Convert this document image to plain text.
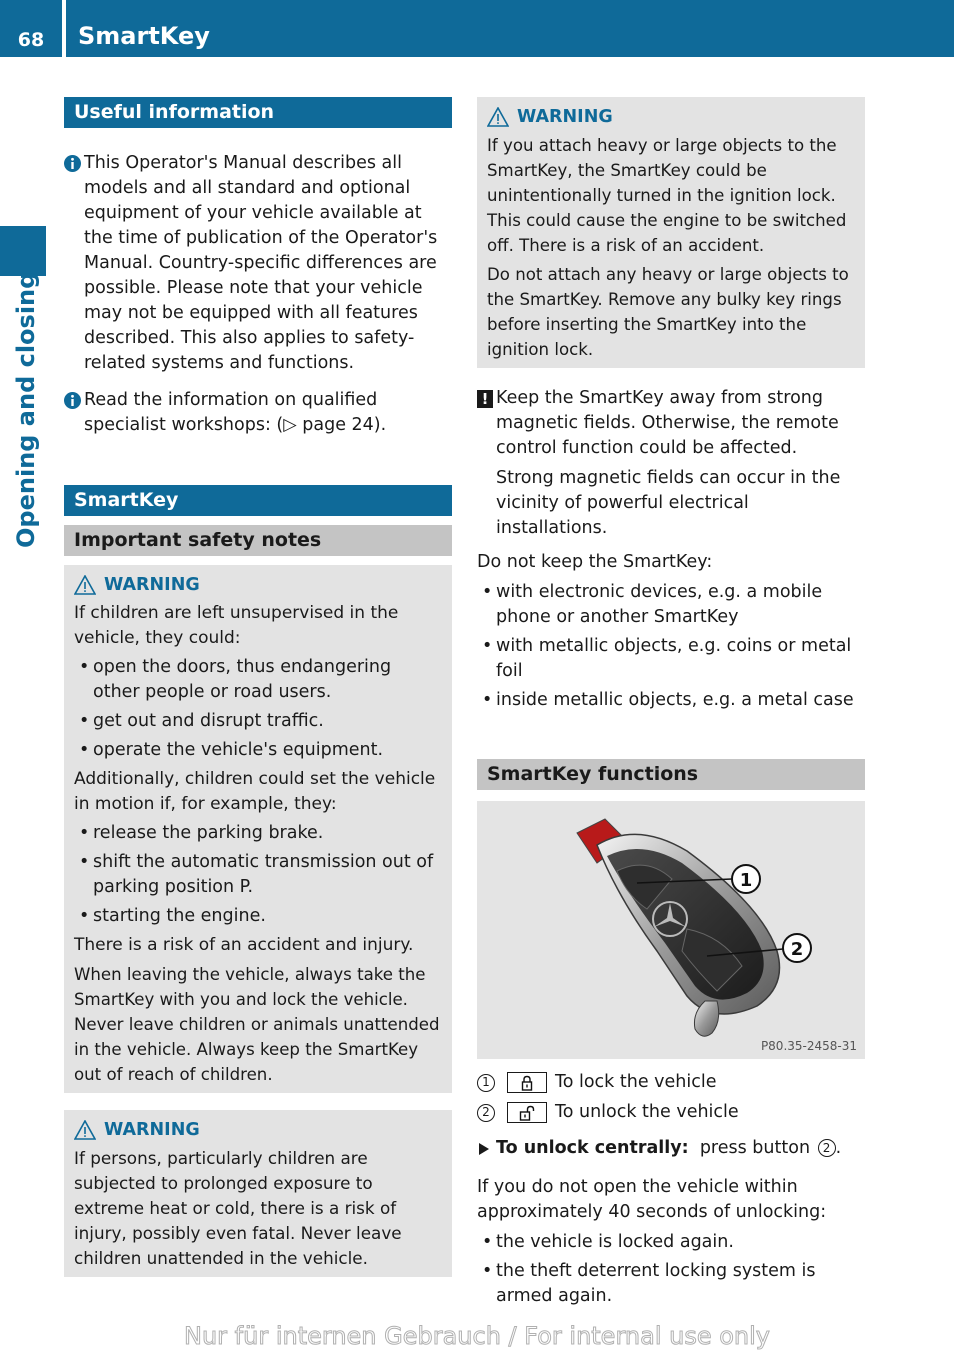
68	SmartKey
Opening and closing
Useful information
This Operator's Manual describes all models and all standard and optional equipment of your vehicle available at the time of publication of the Operator's Manual. Country-specific differences are possible. Please note that your vehicle may not be equipped with all features described. This also applies to safety-related systems and functions.
Read the information on qualified specialist workshops: (▷ page 24).
SmartKey
Important safety notes
WARNING
If children are left unsupervised in the vehicle, they could:
• open the doors, thus endangering other people or road users.
• get out and disrupt traffic.
• operate the vehicle's equipment.
Additionally, children could set the vehicle in motion if, for example, they:
• release the parking brake.
• shift the automatic transmission out of parking position P.
• starting the engine.
There is a risk of an accident and injury.
When leaving the vehicle, always take the SmartKey with you and lock the vehicle. Never leave children or animals unattended in the vehicle. Always keep the SmartKey out of reach of children.
WARNING
If persons, particularly children are subjected to prolonged exposure to extreme heat or cold, there is a risk of injury, possibly even fatal. Never leave children unattended in the vehicle.
WARNING
If you attach heavy or large objects to the SmartKey, the SmartKey could be unintentionally turned in the ignition lock. This could cause the engine to be switched off. There is a risk of an accident.
Do not attach any heavy or large objects to the SmartKey. Remove any bulky key rings before inserting the SmartKey into the ignition lock.
! Keep the SmartKey away from strong magnetic fields. Otherwise, the remote control function could be affected.
Strong magnetic fields can occur in the vicinity of powerful electrical installations.
Do not keep the SmartKey:
• with electronic devices, e.g. a mobile phone or another SmartKey
• with metallic objects, e.g. coins or metal foil
• inside metallic objects, e.g. a metal case
SmartKey functions
1
2
P80.35-2458-31
1	To lock the vehicle
2	To unlock the vehicle
To unlock centrally: press button 2 .
If you do not open the vehicle within approximately 40 seconds of unlocking:
• the vehicle is locked again.
• the theft deterrent locking system is armed again.
Nur für internen Gebrauch / For internal use only
